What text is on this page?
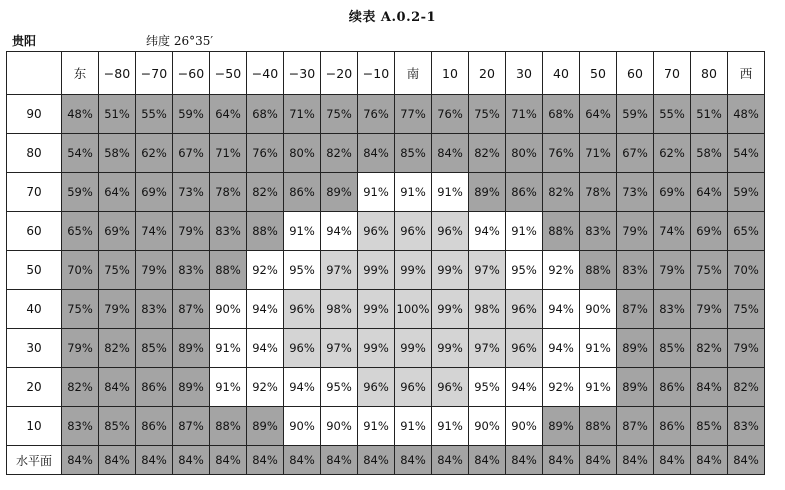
续表 A.0.2-1
贵阳	纬度 26°35′
	东	−80	−70	−60	−50	−40	−30	−20	−10	南	10	20	30	40	50	60	70	80	西
90	48%	51%	55%	59%	64%	68%	71%	75%	76%	77%	76%	75%	71%	68%	64%	59%	55%	51%	48%
80	54%	58%	62%	67%	71%	76%	80%	82%	84%	85%	84%	82%	80%	76%	71%	67%	62%	58%	54%
70	59%	64%	69%	73%	78%	82%	86%	89%	91%	91%	91%	89%	86%	82%	78%	73%	69%	64%	59%
60	65%	69%	74%	79%	83%	88%	91%	94%	96%	96%	96%	94%	91%	88%	83%	79%	74%	69%	65%
50	70%	75%	79%	83%	88%	92%	95%	97%	99%	99%	99%	97%	95%	92%	88%	83%	79%	75%	70%
40	75%	79%	83%	87%	90%	94%	96%	98%	99%	100%	99%	98%	96%	94%	90%	87%	83%	79%	75%
30	79%	82%	85%	89%	91%	94%	96%	97%	99%	99%	99%	97%	96%	94%	91%	89%	85%	82%	79%
20	82%	84%	86%	89%	91%	92%	94%	95%	96%	96%	96%	95%	94%	92%	91%	89%	86%	84%	82%
10	83%	85%	86%	87%	88%	89%	90%	90%	91%	91%	91%	90%	90%	89%	88%	87%	86%	85%	83%
水平面	84%	84%	84%	84%	84%	84%	84%	84%	84%	84%	84%	84%	84%	84%	84%	84%	84%	84%	84%
